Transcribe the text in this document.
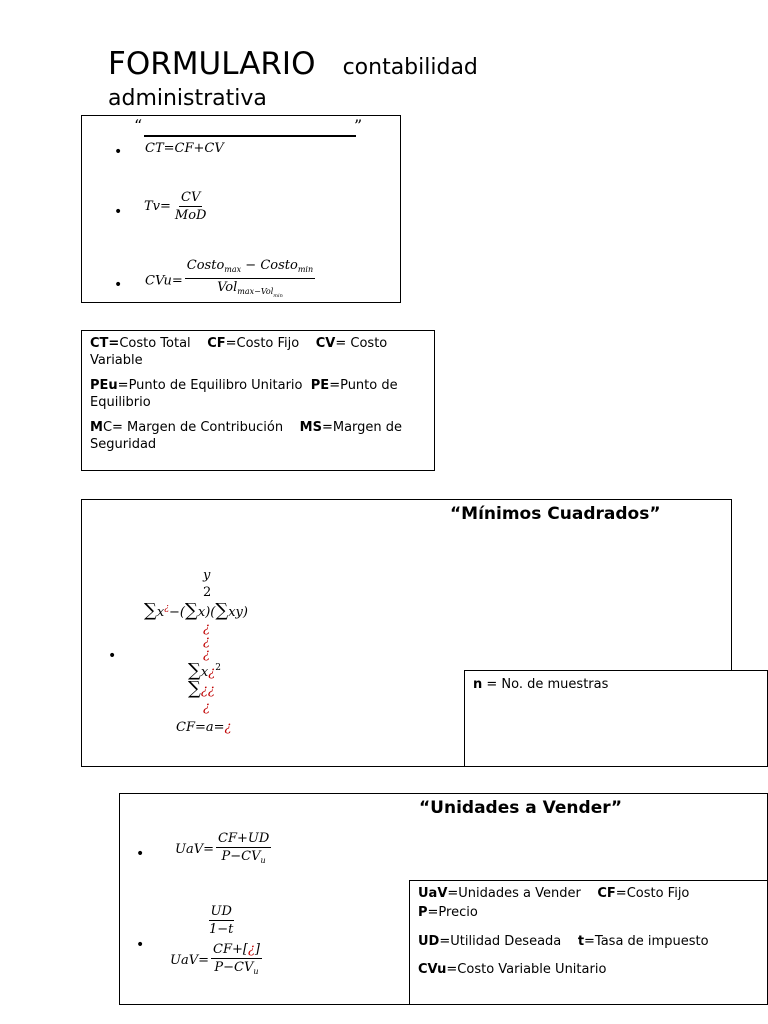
FORMULARIO contabilidad
administrativa
“	”
• CT=CF+CV
• $Tv= \frac{CV}{\text{MoD}}$
• $CVu= \frac{Costo_{max} - Costo_{min}}{Vol_{max-Volmin}}$

CT=Costo Total CF=Costo Fijo CV= Costo Variable

PEu=Punto de Equilibro Unitario PE=Punto de Equilibrio

MC= Margen de Contribución MS=Margen de Seguridad

“Mínimos Cuadrados”
y
2
∑x¿−(∑x)(∑xy)
¿
¿
¿
•
∑x¿$^2$
∑¿¿
¿
CF=a=¿

n = No. de muestras

“Unidades a Vender”
• $UaV= \frac{CF+UD}{P-CV_u}$
$\frac{UD}{1-t}$
•
$UaV= \frac{CF+[¿]}{P-CV_u}$

UaV=Unidades a Vender CF=Costo Fijo

P=Precio

UD=Utilidad Deseada t=Tasa de impuesto

CVu=Costo Variable Unitario
